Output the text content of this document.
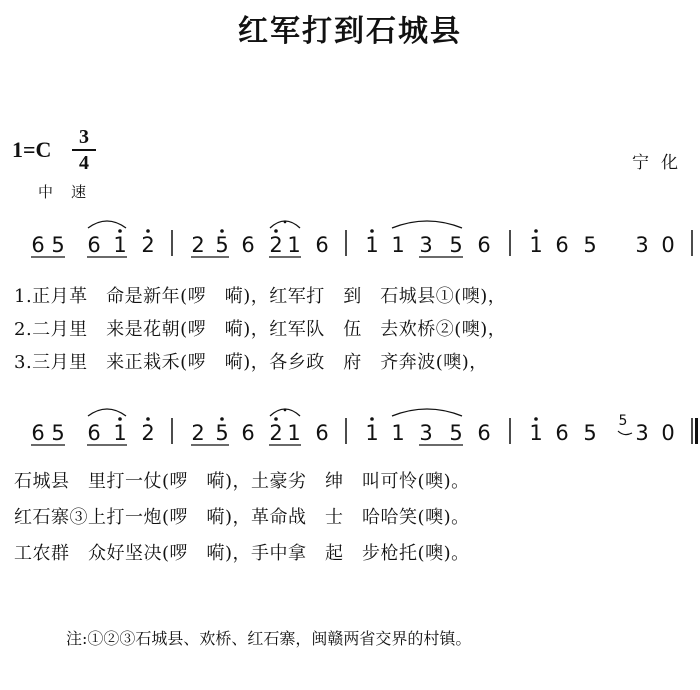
红军打到石城县
1=C	3
4	宁化
中速
6 5 6 1 2 2 5 6 2 1 6 1 1 3 5 6 1 6 5 3 0
6 5 6 1 2 2 5 6 2 1 6 1 1 3 5 6 1 6 5 3 0
5
1.正月革　命是新年(啰　嗬)，红军打　到　石城县①(噢)，
2.二月里　来是花朝(啰　嗬)，红军队　伍　去欢桥②(噢)，
3.三月里　来正栽禾(啰　嗬)，各乡政　府　齐奔波(噢)，
石城县　里打一仗(啰　嗬)，土豪劣　绅　叫可怜(噢)。
红石寨③上打一炮(啰　嗬)，革命战　士　哈哈笑(噢)。
工农群　众好坚决(啰　嗬)，手中拿　起　步枪托(噢)。
注:①②③石城县、欢桥、红石寨，闽赣两省交界的村镇。
